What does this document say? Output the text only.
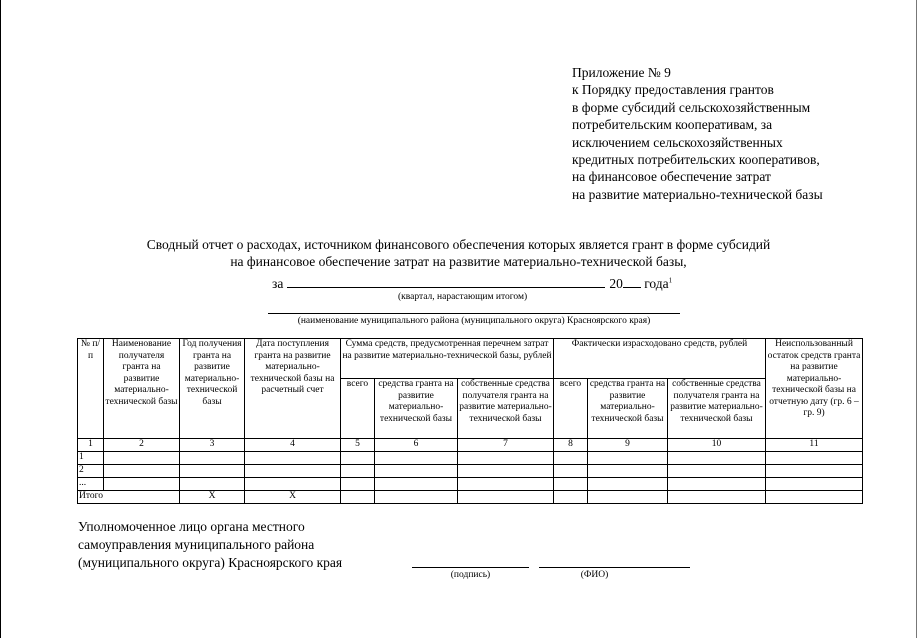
Приложение № 9
к Порядку предоставления грантов
в форме субсидий сельскохозяйственным
потребительским кооперативам, за
исключением сельскохозяйственных
кредитных потребительских кооперативов,
на финансовое обеспечение затрат
на развитие материально-технической базы
Сводный отчет о расходах, источником финансового обеспечения которых является грант в форме субсидий
на финансовое обеспечение затрат на развитие материально-технической базы,
за	20 года$^1$
(квартал, нарастающим итогом)
(наименование муниципального района (муниципального округа) Красноярского края)
№ п/п	Наименование получателя гранта на развитие материально-технической базы	Год получения гранта на развитие материально-технической базы	Дата поступления гранта на развитие материально-технической базы на расчетный счет	Сумма средств, предусмотренная перечнем затрат на развитие материально-технической базы, рублей			Фактически израсходовано средств, рублей			Неиспользованный остаток средств гранта на развитие материально-технической базы на отчетную дату (гр. 6 – гр. 9)
				всего	средства гранта на развитие материально-технической базы	собственные средства получателя гранта на развитие материально-технической базы	всего	средства гранта на развитие материально-технической базы	собственные средства получателя гранта на развитие материально-технической базы	
1	2	3	4	5	6	7	8	9	10	11
1										
2										
...										
Итого		X	X							
Уполномоченное лицо органа местного
самоуправления муниципального района
(муниципального округа) Красноярского края
(подпись)	(ФИО)
